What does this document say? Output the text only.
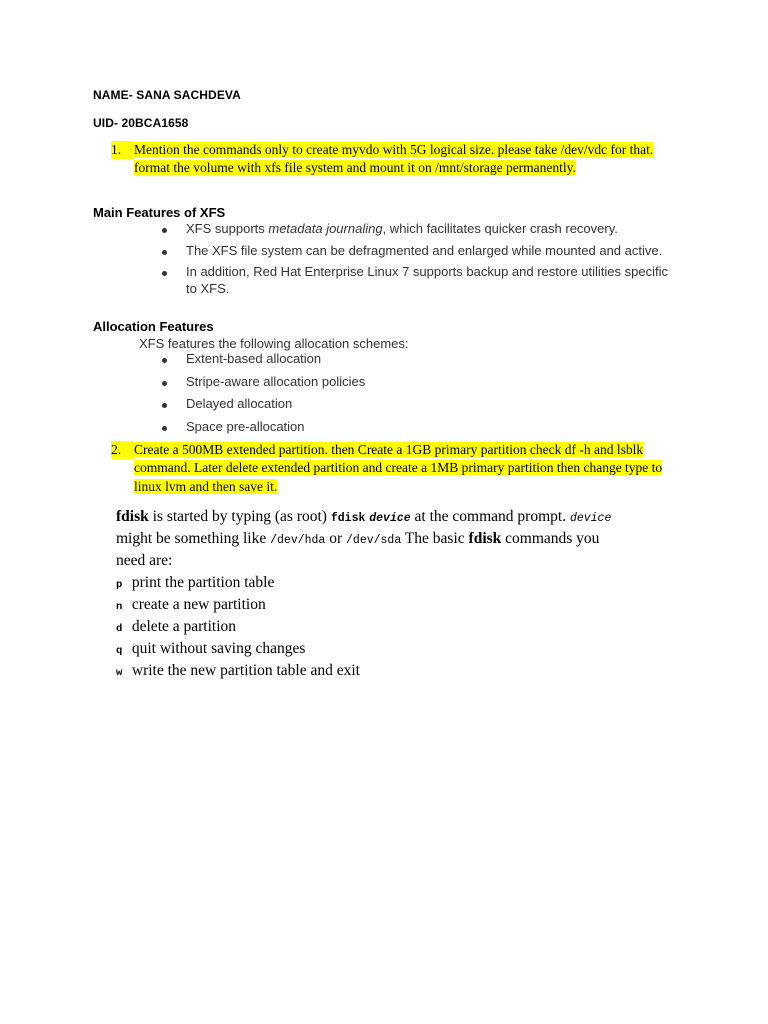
NAME- SANA SACHDEVA
UID- 20BCA1658
1. Mention the commands only to create myvdo with 5G logical size. please take /dev/vdc for that. format the volume with xfs file system and mount it on /mnt/storage permanently.
Main Features of XFS
XFS supports metadata journaling, which facilitates quicker crash recovery.
The XFS file system can be defragmented and enlarged while mounted and active.
In addition, Red Hat Enterprise Linux 7 supports backup and restore utilities specific to XFS.
Allocation Features
XFS features the following allocation schemes:
Extent-based allocation
Stripe-aware allocation policies
Delayed allocation
Space pre-allocation
2. Create a 500MB extended partition. then Create a 1GB primary partition check df -h and lsblk command. Later delete extended partition and create a 1MB primary partition then change type to linux lvm and then save it.
fdisk is started by typing (as root) fdisk device at the command prompt. device might be something like /dev/hda or /dev/sda The basic fdisk commands you need are:
p print the partition table
n create a new partition
d delete a partition
q quit without saving changes
w write the new partition table and exit
